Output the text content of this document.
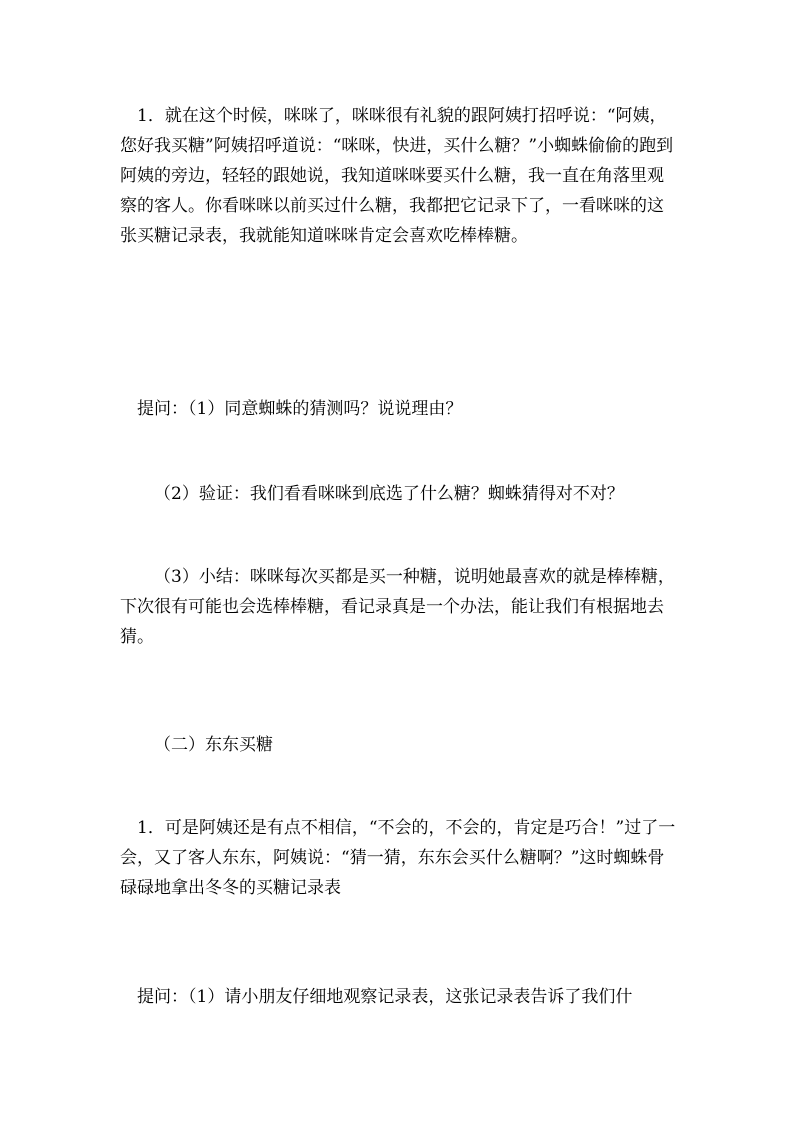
1．就在这个时候，咪咪了，咪咪很有礼貌的跟阿姨打招呼说：“阿姨，您好我买糖”阿姨招呼道说：“咪咪，快进，买什么糖？”小蜘蛛偷偷的跑到阿姨的旁边，轻轻的跟她说，我知道咪咪要买什么糖，我一直在角落里观察的客人。你看咪咪以前买过什么糖，我都把它记录下了，一看咪咪的这张买糖记录表，我就能知道咪咪肯定会喜欢吃棒棒糖。

提问：（1）同意蜘蛛的猜测吗？说说理由？

（2）验证：我们看看咪咪到底选了什么糖？蜘蛛猜得对不对？

（3）小结：咪咪每次买都是买一种糖，说明她最喜欢的就是棒棒糖，下次很有可能也会选棒棒糖，看记录真是一个办法，能让我们有根据地去猜。

（二）东东买糖

1．可是阿姨还是有点不相信，“不会的，不会的，肯定是巧合！”过了一会，又了客人东东，阿姨说：“猜一猜，东东会买什么糖啊？”这时蜘蛛骨碌碌地拿出冬冬的买糖记录表

提问：（1）请小朋友仔细地观察记录表，这张记录表告诉了我们什
